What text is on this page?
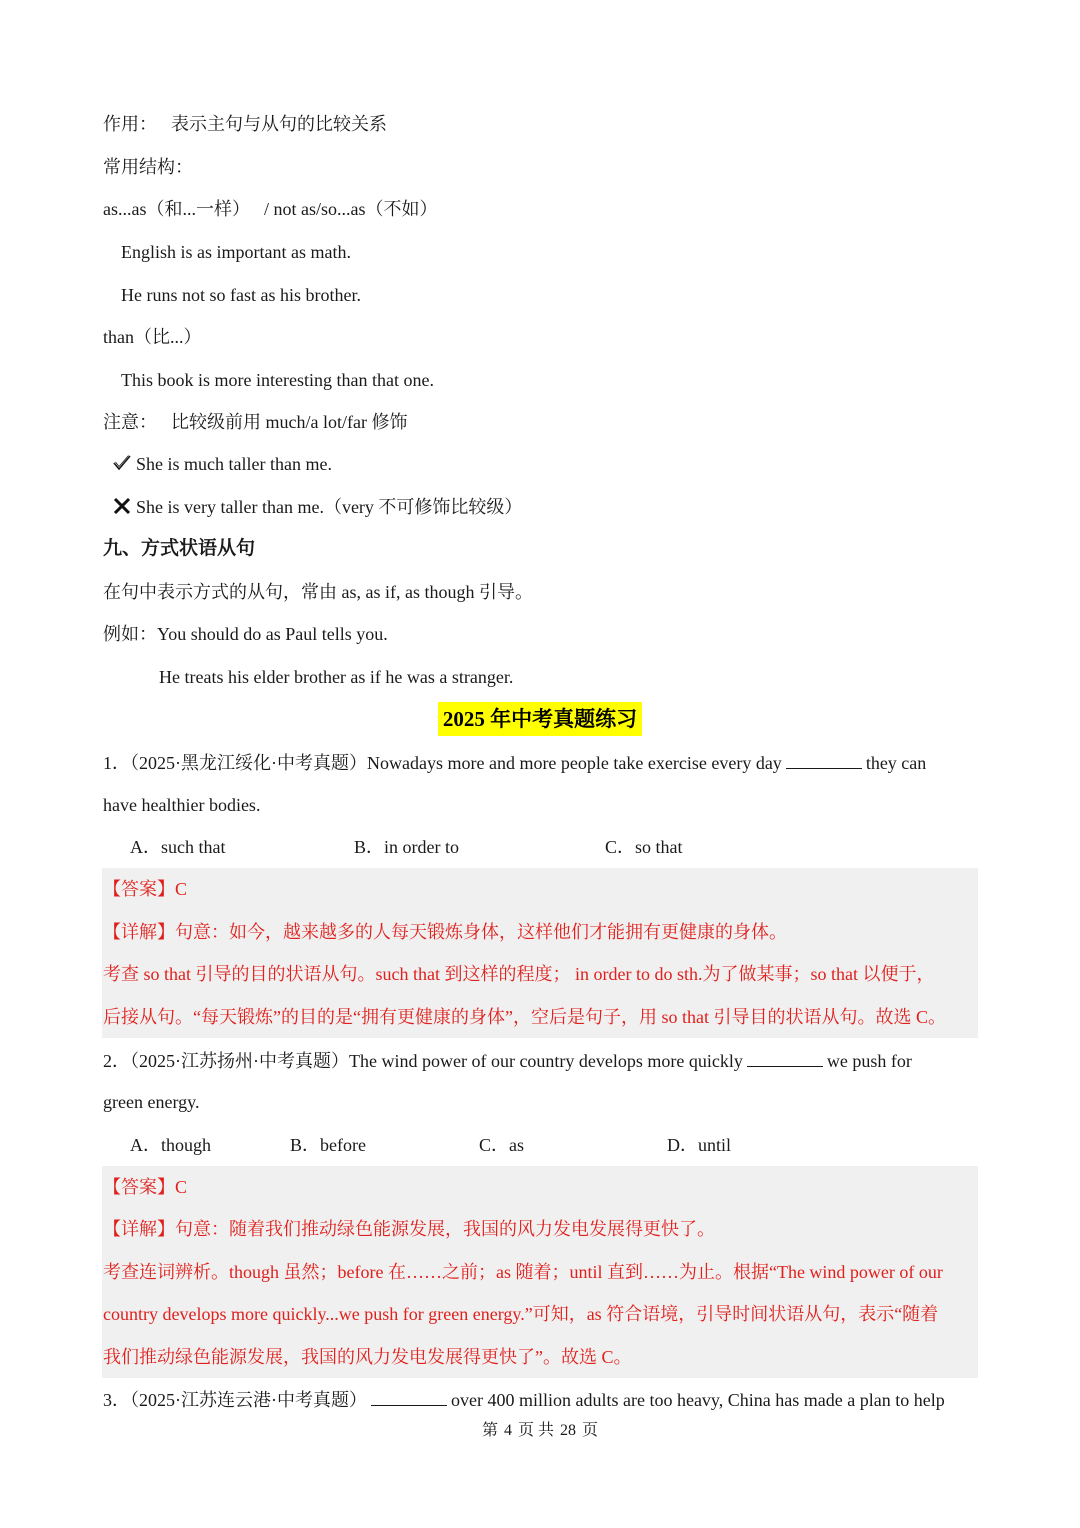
作用： 表示主句与从句的比较关系
常用结构：
as...as（和...一样） / not as/so...as（不如）
English is as important as math.
He runs not so fast as his brother.
than（比...）
This book is more interesting than that one.
注意： 比较级前用 much/a lot/far 修饰
She is much taller than me.
She is very taller than me.（very 不可修饰比较级）
九、方式状语从句
在句中表示方式的从句，常由 as, as if, as though 引导。
例如：You should do as Paul tells you.
He treats his elder brother as if he was a stranger.
2025 年中考真题练习
1．（2025·黑龙江绥化·中考真题）Nowadays more and more people take exercise every day	they can
have healthier bodies.
A．such that	B．in order to	C．so that
【答案】C
【详解】句意：如今，越来越多的人每天锻炼身体，这样他们才能拥有更健康的身体。
考查 so that 引导的目的状语从句。such that 到这样的程度； in order to do sth.为了做某事；so that 以便于，
后接从句。“每天锻炼”的目的是“拥有更健康的身体”，空后是句子，用 so that 引导目的状语从句。故选 C。
2．（2025·江苏扬州·中考真题）The wind power of our country develops more quickly	we push for
green energy.
A．though	B．before	C．as	D．until
【答案】C
【详解】句意：随着我们推动绿色能源发展，我国的风力发电发展得更快了。
考查连词辨析。though 虽然；before 在……之前；as 随着；until 直到……为止。根据“The wind power of our
country develops more quickly...we push for green energy.”可知，as 符合语境，引导时间状语从句，表示“随着
我们推动绿色能源发展，我国的风力发电发展得更快了”。故选 C。
3．（2025·江苏连云港·中考真题）	over 400 million adults are too heavy, China has made a plan to help
第 4 页 共 28 页
